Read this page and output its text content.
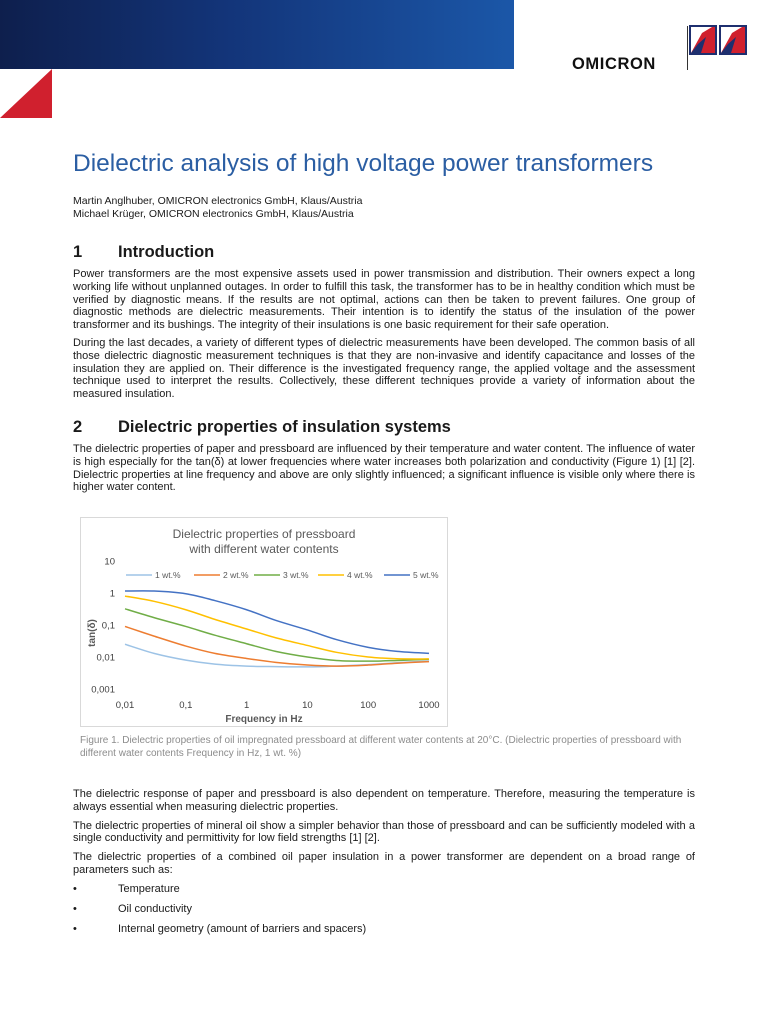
OMICRON
Dielectric analysis of high voltage power transformers
Martin Anglhuber, OMICRON electronics GmbH, Klaus/Austria
Michael Krüger, OMICRON electronics GmbH, Klaus/Austria
1	Introduction

Power transformers are the most expensive assets used in power transmission and distribution. Their owners expect a long working life without unplanned outages. In order to fulfill this task, the transformer has to be in healthy condition which must be verified by diagnostic means. If the results are not optimal, actions can then be taken to prevent failures. One group of diagnostic methods are dielectric measurements. Their intention is to identify the status of the insulation of the power transformer and its bushings. The integrity of their insulations is one basic requirement for their safe operation.

During the last decades, a variety of different types of dielectric measurements have been developed. The common basis of all those dielectric diagnostic measurement techniques is that they are non-invasive and identify capacitance and losses of the insulation they are applied on. Their difference is the investigated frequency range, the applied voltage and the assessment technique used to interpret the results. Collectively, these different techniques provide a variety of information about the measured insulation.

2	Dielectric properties of insulation systems

The dielectric properties of paper and pressboard are influenced by their temperature and water content. The influence of water is high especially for the tan(δ) at lower frequencies where water increases both polarization and conductivity (Figure 1) [1] [2]. Dielectric properties at line frequency and above are only slightly influenced; a significant influence is visible only where there is higher water content.

Dielectric properties of pressboard
with different water contents
0,001
0,01
0,1
1
10
0,01	0,1	1	10	100	1000
Frequency in Hz
tan(δ)
1 wt.%	2 wt.%	3 wt.%	4 wt.%	5 wt.%
Figure 1. Dielectric properties of oil impregnated pressboard at different water contents at 20°C. (Dielectric properties of pressboard with different water contents Frequency in Hz, 1 wt. %)

The dielectric response of paper and pressboard is also dependent on temperature. Therefore, measuring the temperature is always essential when measuring dielectric properties.

The dielectric properties of mineral oil show a simpler behavior than those of pressboard and can be sufficiently modeled with a single conductivity and permittivity for low field strengths [1] [2].

The dielectric properties of a combined oil paper insulation in a power transformer are dependent on a broad range of parameters such as:

•	Temperature
•	Oil conductivity
•	Internal geometry (amount of barriers and spacers)
